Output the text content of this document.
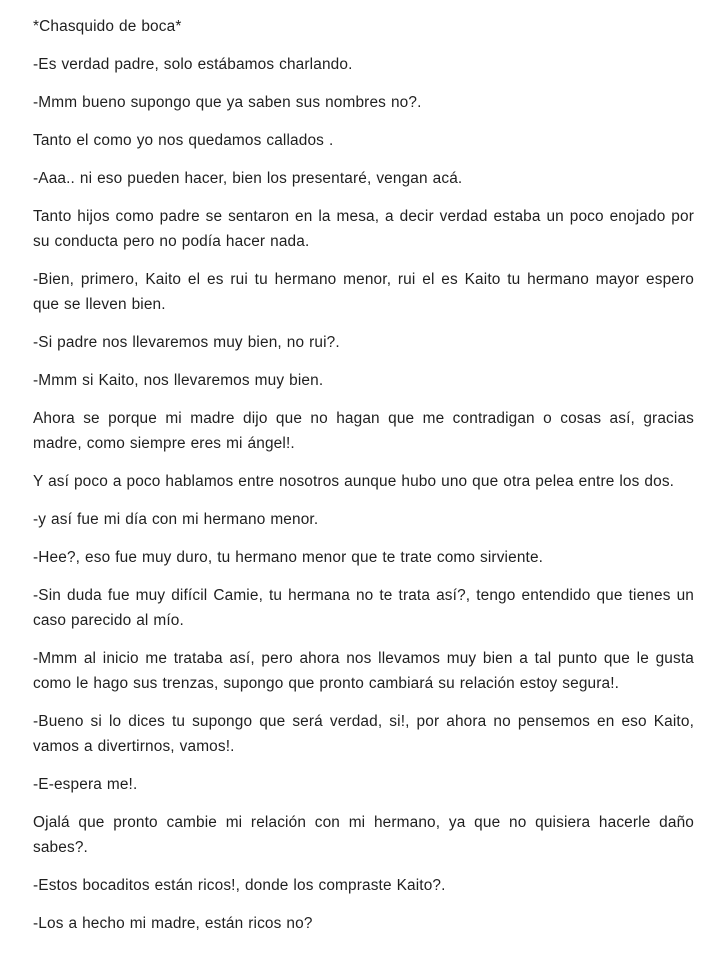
*Chasquido de boca*

-Es verdad padre, solo estábamos charlando.

-Mmm bueno supongo que ya saben sus nombres no?.

Tanto el como yo nos quedamos callados .

-Aaa.. ni eso pueden hacer, bien los presentaré, vengan acá.

Tanto hijos como padre se sentaron en la mesa, a decir verdad estaba un poco enojado por su conducta pero no podía hacer nada.

-Bien, primero, Kaito el es rui tu hermano menor, rui el es Kaito tu hermano mayor espero que se lleven bien.

-Si padre nos llevaremos muy bien, no rui?.

-Mmm si Kaito, nos llevaremos muy bien.

Ahora se porque mi madre dijo que no hagan que me contradigan o cosas así, gracias madre, como siempre eres mi ángel!.

Y así poco a poco hablamos entre nosotros aunque hubo uno que otra pelea entre los dos.

-y así fue mi día con mi hermano menor.

-Hee?, eso fue muy duro, tu hermano menor que te trate como sirviente.

-Sin duda fue muy difícil Camie, tu hermana no te trata así?, tengo entendido que tienes un caso parecido al mío.

-Mmm al inicio me trataba así, pero ahora nos llevamos muy bien a tal punto que le gusta como le hago sus trenzas, supongo que pronto cambiará su relación estoy segura!.

-Bueno si lo dices tu supongo que será verdad, si!, por ahora no pensemos en eso Kaito, vamos a divertirnos, vamos!.

-E-espera me!.

Ojalá que pronto cambie mi relación con mi hermano, ya que no quisiera hacerle daño sabes?.

-Estos bocaditos están ricos!, donde los compraste Kaito?.

-Los a hecho mi madre, están ricos no?
